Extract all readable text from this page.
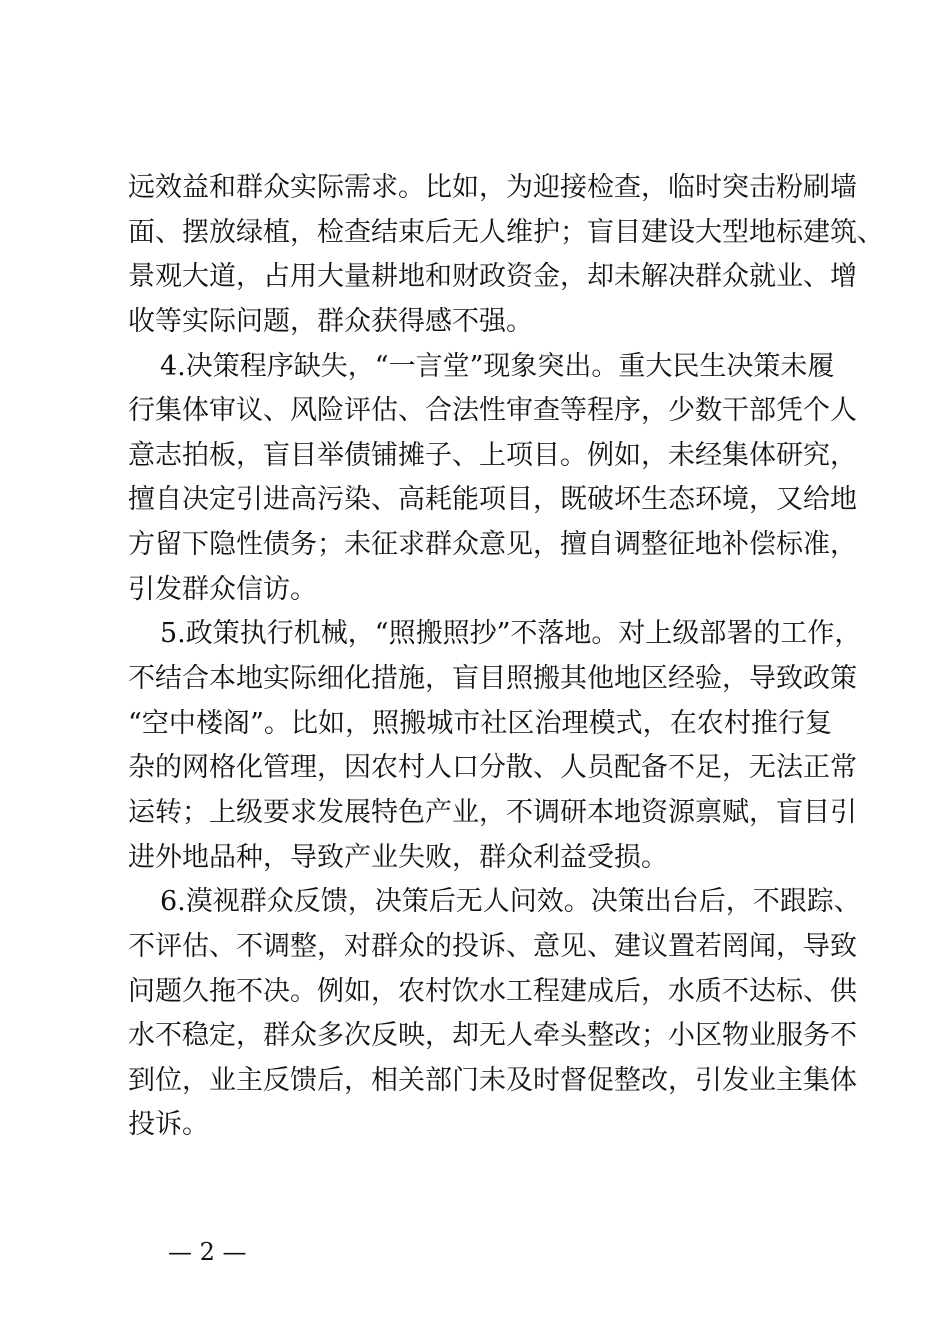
远效益和群众实际需求。比如，为迎接检查，临时突击粉刷墙
面、摆放绿植，检查结束后无人维护；盲目建设大型地标建筑、
景观大道，占用大量耕地和财政资金，却未解决群众就业、增
收等实际问题，群众获得感不强。
4.决策程序缺失，“一言堂”现象突出。重大民生决策未履
行集体审议、风险评估、合法性审查等程序，少数干部凭个人
意志拍板，盲目举债铺摊子、上项目。例如，未经集体研究，
擅自决定引进高污染、高耗能项目，既破坏生态环境，又给地
方留下隐性债务；未征求群众意见，擅自调整征地补偿标准，
引发群众信访。
5.政策执行机械，“照搬照抄”不落地。对上级部署的工作，
不结合本地实际细化措施，盲目照搬其他地区经验，导致政策
“空中楼阁”。比如，照搬城市社区治理模式，在农村推行复
杂的网格化管理，因农村人口分散、人员配备不足，无法正常
运转；上级要求发展特色产业，不调研本地资源禀赋，盲目引
进外地品种，导致产业失败，群众利益受损。
6.漠视群众反馈，决策后无人问效。决策出台后，不跟踪、
不评估、不调整，对群众的投诉、意见、建议置若罔闻，导致
问题久拖不决。例如，农村饮水工程建成后，水质不达标、供
水不稳定，群众多次反映，却无人牵头整改；小区物业服务不
到位，业主反馈后，相关部门未及时督促整改，引发业主集体
投诉。
— 2 —
